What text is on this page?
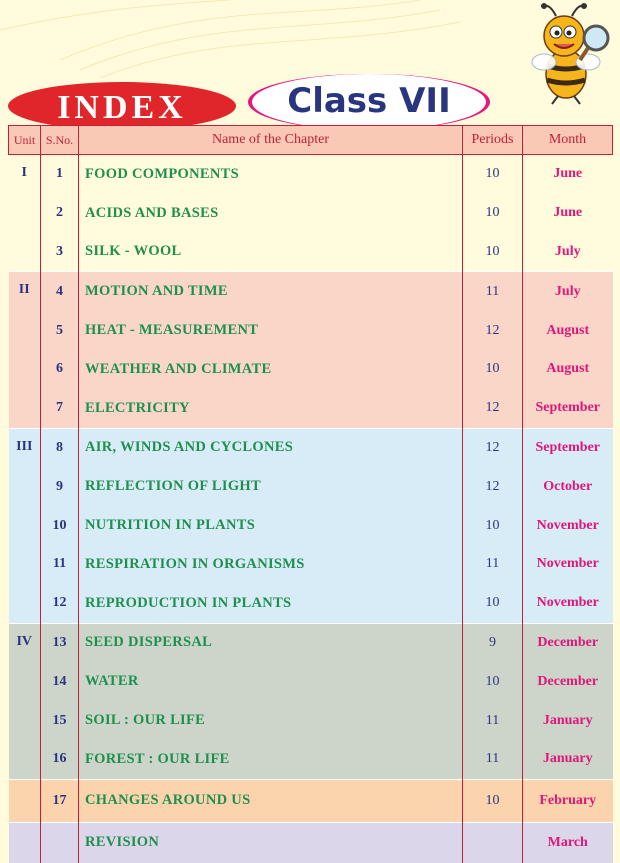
INDEX	Class VII
Unit	S.No.	Name of the Chapter	Periods	Month
I	1	FOOD COMPONENTS	10	June
	2	ACIDS AND BASES	10	June
	3	SILK - WOOL	10	July
II	4	MOTION AND TIME	11	July
	5	HEAT - MEASUREMENT	12	August
	6	WEATHER AND CLIMATE	10	August
	7	ELECTRICITY	12	September
III	8	AIR, WINDS AND CYCLONES	12	September
	9	REFLECTION OF LIGHT	12	October
	10	NUTRITION IN PLANTS	10	November
	11	RESPIRATION IN ORGANISMS	11	November
	12	REPRODUCTION IN PLANTS	10	November
IV	13	SEED DISPERSAL	9	December
	14	WATER	10	December
	15	SOIL : OUR LIFE	11	January
	16	FOREST : OUR LIFE	11	January
	17	CHANGES AROUND US	10	February
		REVISION		March
